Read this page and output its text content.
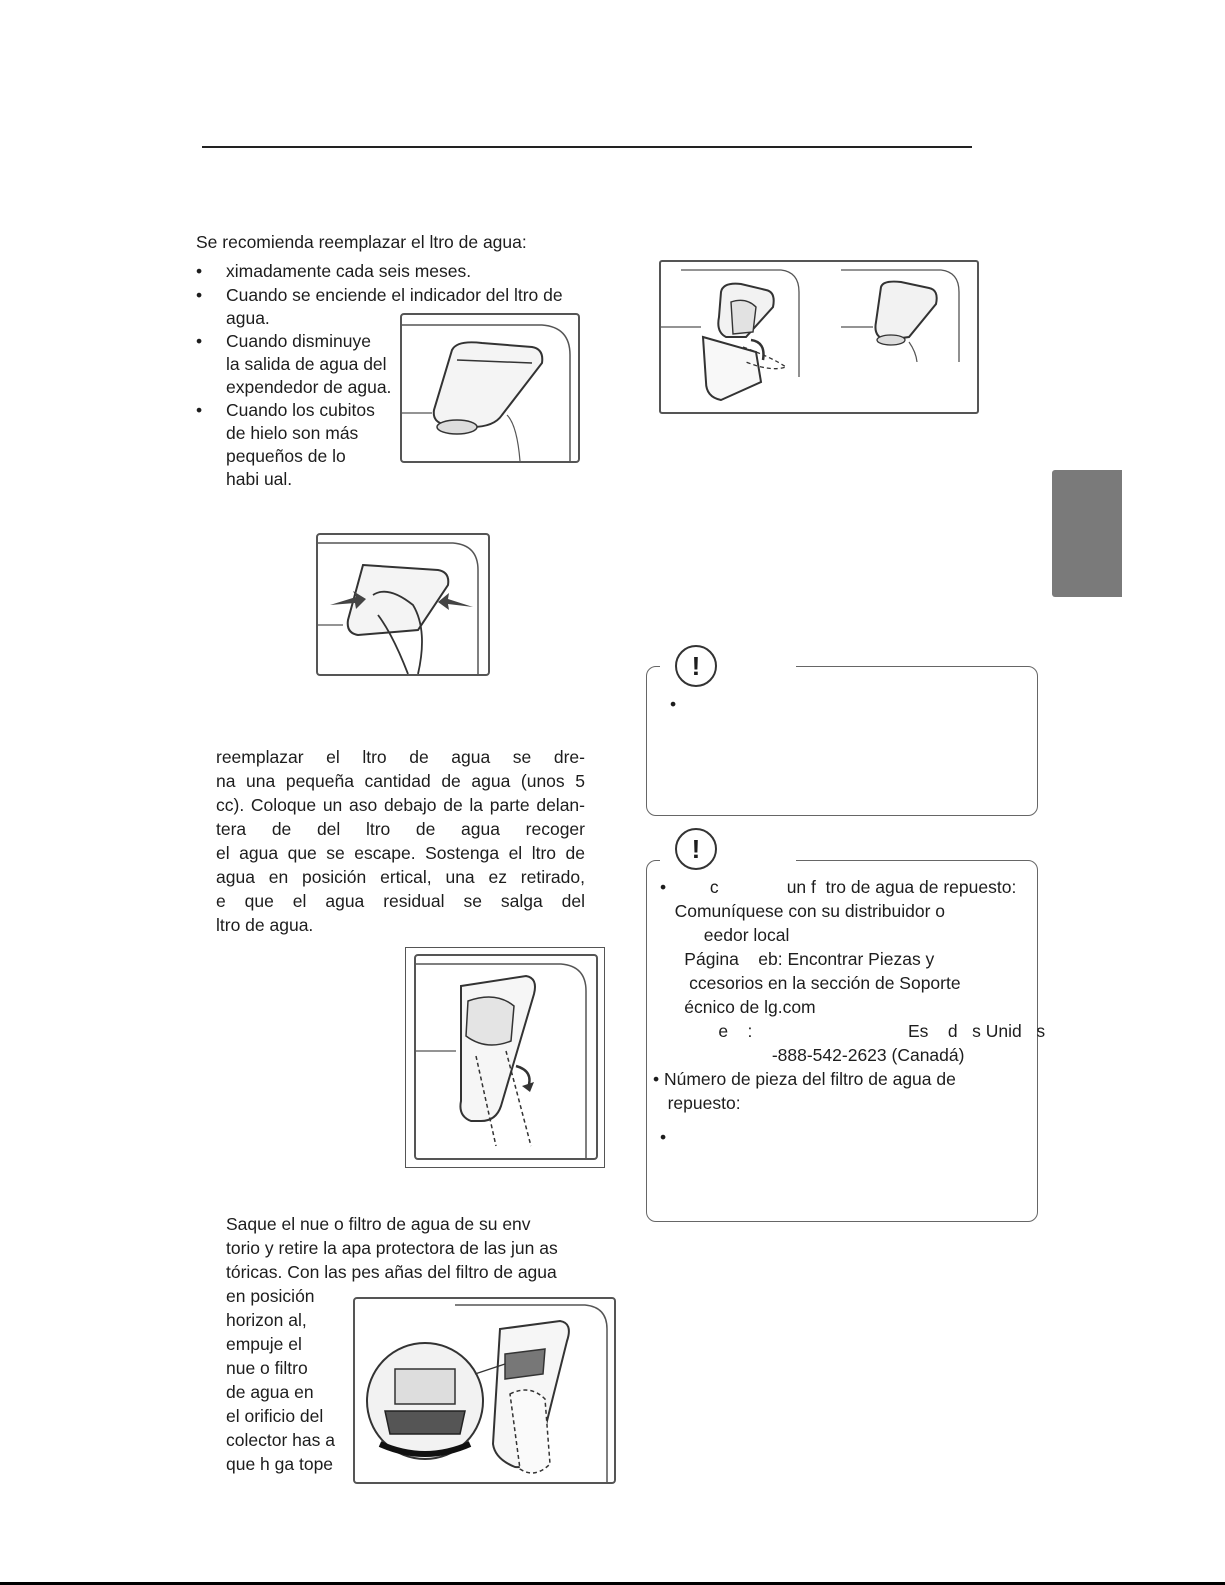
Se recomienda reemplazar el ltro de agua:
• ximadamente cada seis meses.
• Cuando se enciende el indicador del ltro de
agua.
• Cuando disminuye
la salida de agua del
expendedor de agua.
• Cuando los cubitos
de hielo son más
pequeños de lo
habi ual.
reemplazar el ltro de agua se dre-
na una pequeña cantidad de agua (unos 5
cc). Coloque un aso debajo de la parte delan-
tera de del ltro de agua recoger
el agua que se escape. Sostenga el ltro de
agua en posición ertical, una ez retirado,
e que el agua residual se salga del
ltro de agua.
Saque el nue o filtro de agua de su env
torio y retire la apa protectora de las jun as
tóricas. Con las pes añas del filtro de agua
en posición
horizon al,
empuje el
nue o filtro
de agua en
el orificio del
colector has a
que h ga tope
!
•
!
•         c              un f  tro de agua de repuesto:
Comuníquese con su distribuidor o
eedor local
Página    eb: Encontrar Piezas y
ccesorios en la sección de Soporte
écnico de lg.com
e    :                                Es    d   s Unid   s
-888-542-2623 (Canadá)
• Número de pieza del filtro de agua de
repuesto:
•
